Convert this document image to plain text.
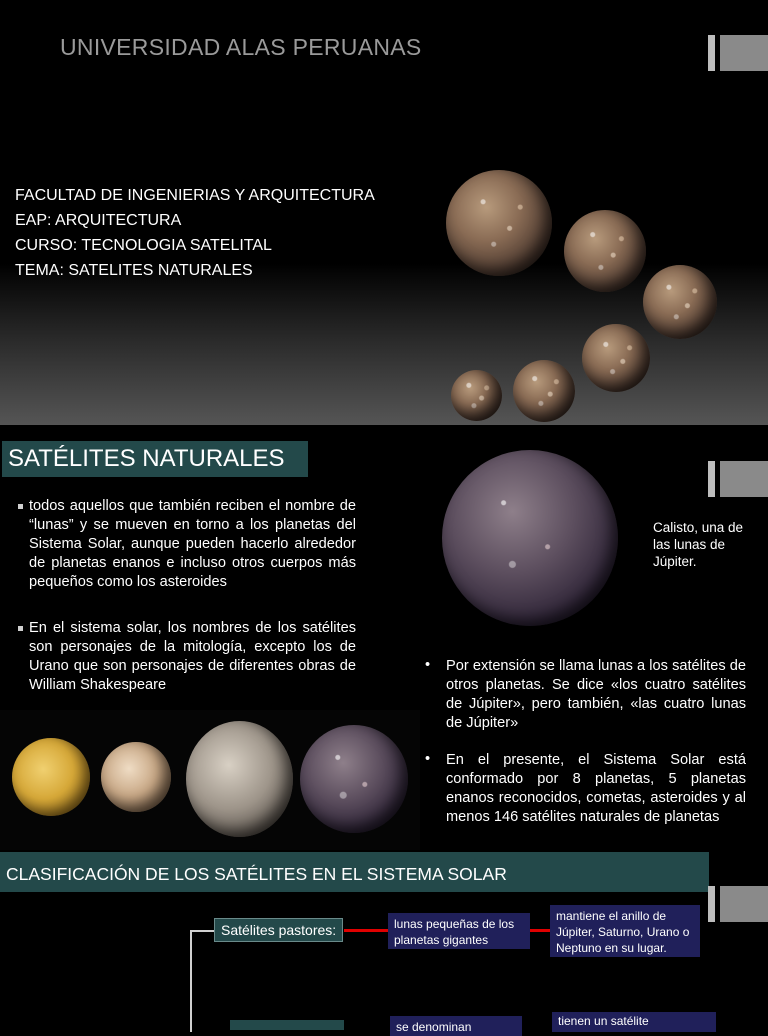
UNIVERSIDAD ALAS PERUANAS
FACULTAD DE INGENIERIAS Y ARQUITECTURA
EAP: ARQUITECTURA
CURSO: TECNOLOGIA SATELITAL
TEMA: SATELITES NATURALES
SATÉLITES NATURALES
todos aquellos que también reciben el nombre de “lunas” y se mueven en torno a los planetas del Sistema Solar, aunque pueden hacerlo alrededor de planetas enanos e incluso otros cuerpos más pequeños como los asteroides
En el sistema solar, los nombres de los satélites son personajes de la mitología, excepto los de Urano que son personajes de diferentes obras de William Shakespeare
Calisto, una de las lunas de Júpiter.
• Por extensión se llama lunas a los satélites de otros planetas. Se dice «los cuatro satélites de Júpiter», pero también, «las cuatro lunas de Júpiter»
• En el presente, el Sistema Solar está conformado por 8 planetas, 5 planetas enanos reconocidos, cometas, asteroides y al menos 146 satélites naturales de planetas
CLASIFICACIÓN DE LOS SATÉLITES EN EL SISTEMA SOLAR
Satélites pastores:	lunas pequeñas de los planetas gigantes
mantiene el anillo de Júpiter, Saturno, Urano o Neptuno en su lugar.
se denominan	tienen un satélite
